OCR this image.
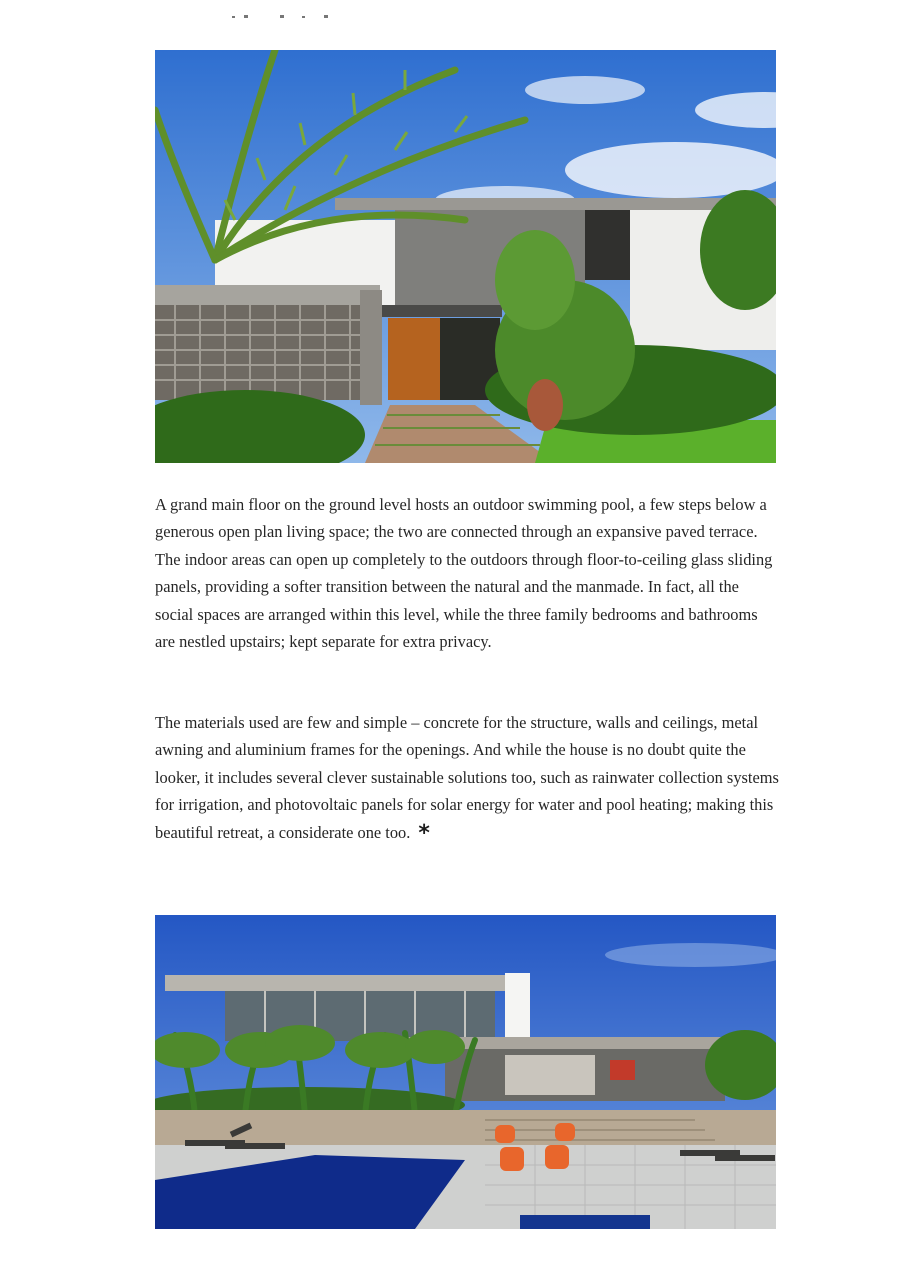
A grand main floor on the ground level hosts an outdoor swimming pool, a few steps below a generous open plan living space; the two are connected through an expansive paved terrace. The indoor areas can open up completely to the outdoors through floor-to-ceiling glass sliding panels, providing a softer transition between the natural and the manmade. In fact, all the social spaces are arranged within this level, while the three family bedrooms and bathrooms are nestled upstairs; kept separate for extra privacy.

The materials used are few and simple – concrete for the structure, walls and ceilings, metal awning and aluminium frames for the openings. And while the house is no doubt quite the looker, it includes several clever sustainable solutions too, such as rainwater collection systems for irrigation, and photovoltaic panels for solar energy for water and pool heating; making this beautiful retreat, a considerate one too. *
